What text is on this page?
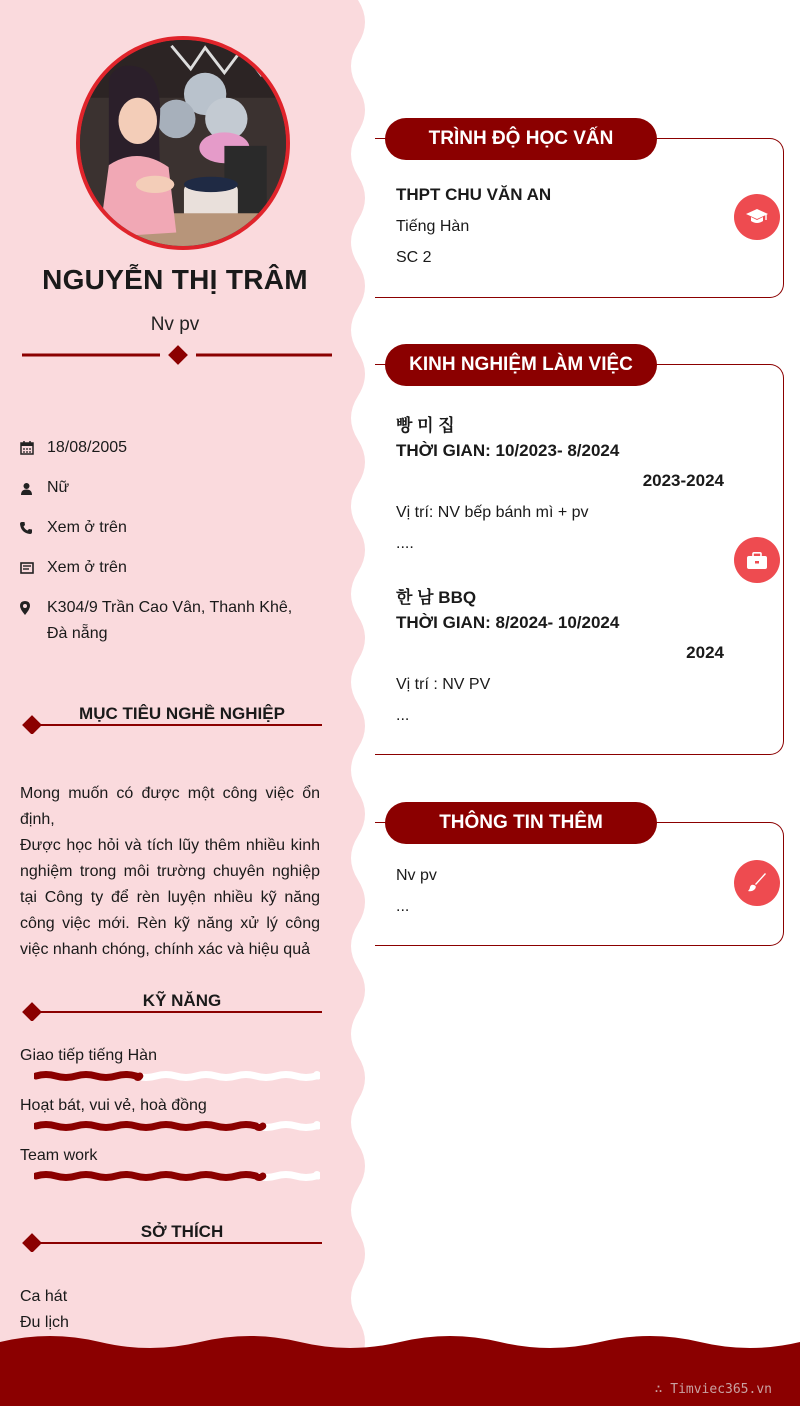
NGUYỄN THỊ TRÂM
Nv pv
18/08/2005
Nữ
Xem ở trên
Xem ở trên
K304/9 Trần Cao Vân, Thanh Khê,
Đà nẵng
MỤC TIÊU NGHỀ NGHIỆP

Mong muốn có được một công việc ổn định,

Được học hỏi và tích lũy thêm nhiều kinh nghiệm trong môi trường chuyên nghiệp tại Công ty để rèn luyện nhiều kỹ năng công việc mới. Rèn kỹ năng xử lý công việc nhanh chóng, chính xác và hiệu quả

KỸ NĂNG
Giao tiếp tiếng Hàn
Hoạt bát, vui vẻ, hoà đồng
Team work
SỞ THÍCH
Ca hát
Đu lịch
TRÌNH ĐỘ HỌC VẤN
THPT CHU VĂN AN
Tiếng Hàn
SC 2
KINH NGHIỆM LÀM VIỆC
빵 미 집
THỜI GIAN: 10/2023- 8/2024
2023-2024
Vị trí: NV bếp bánh mì + pv
....
한 남 BBQ
THỜI GIAN: 8/2024- 10/2024
2024
Vị trí : NV PV
...
THÔNG TIN THÊM
Nv pv
...
∴ Timviec365.vn
